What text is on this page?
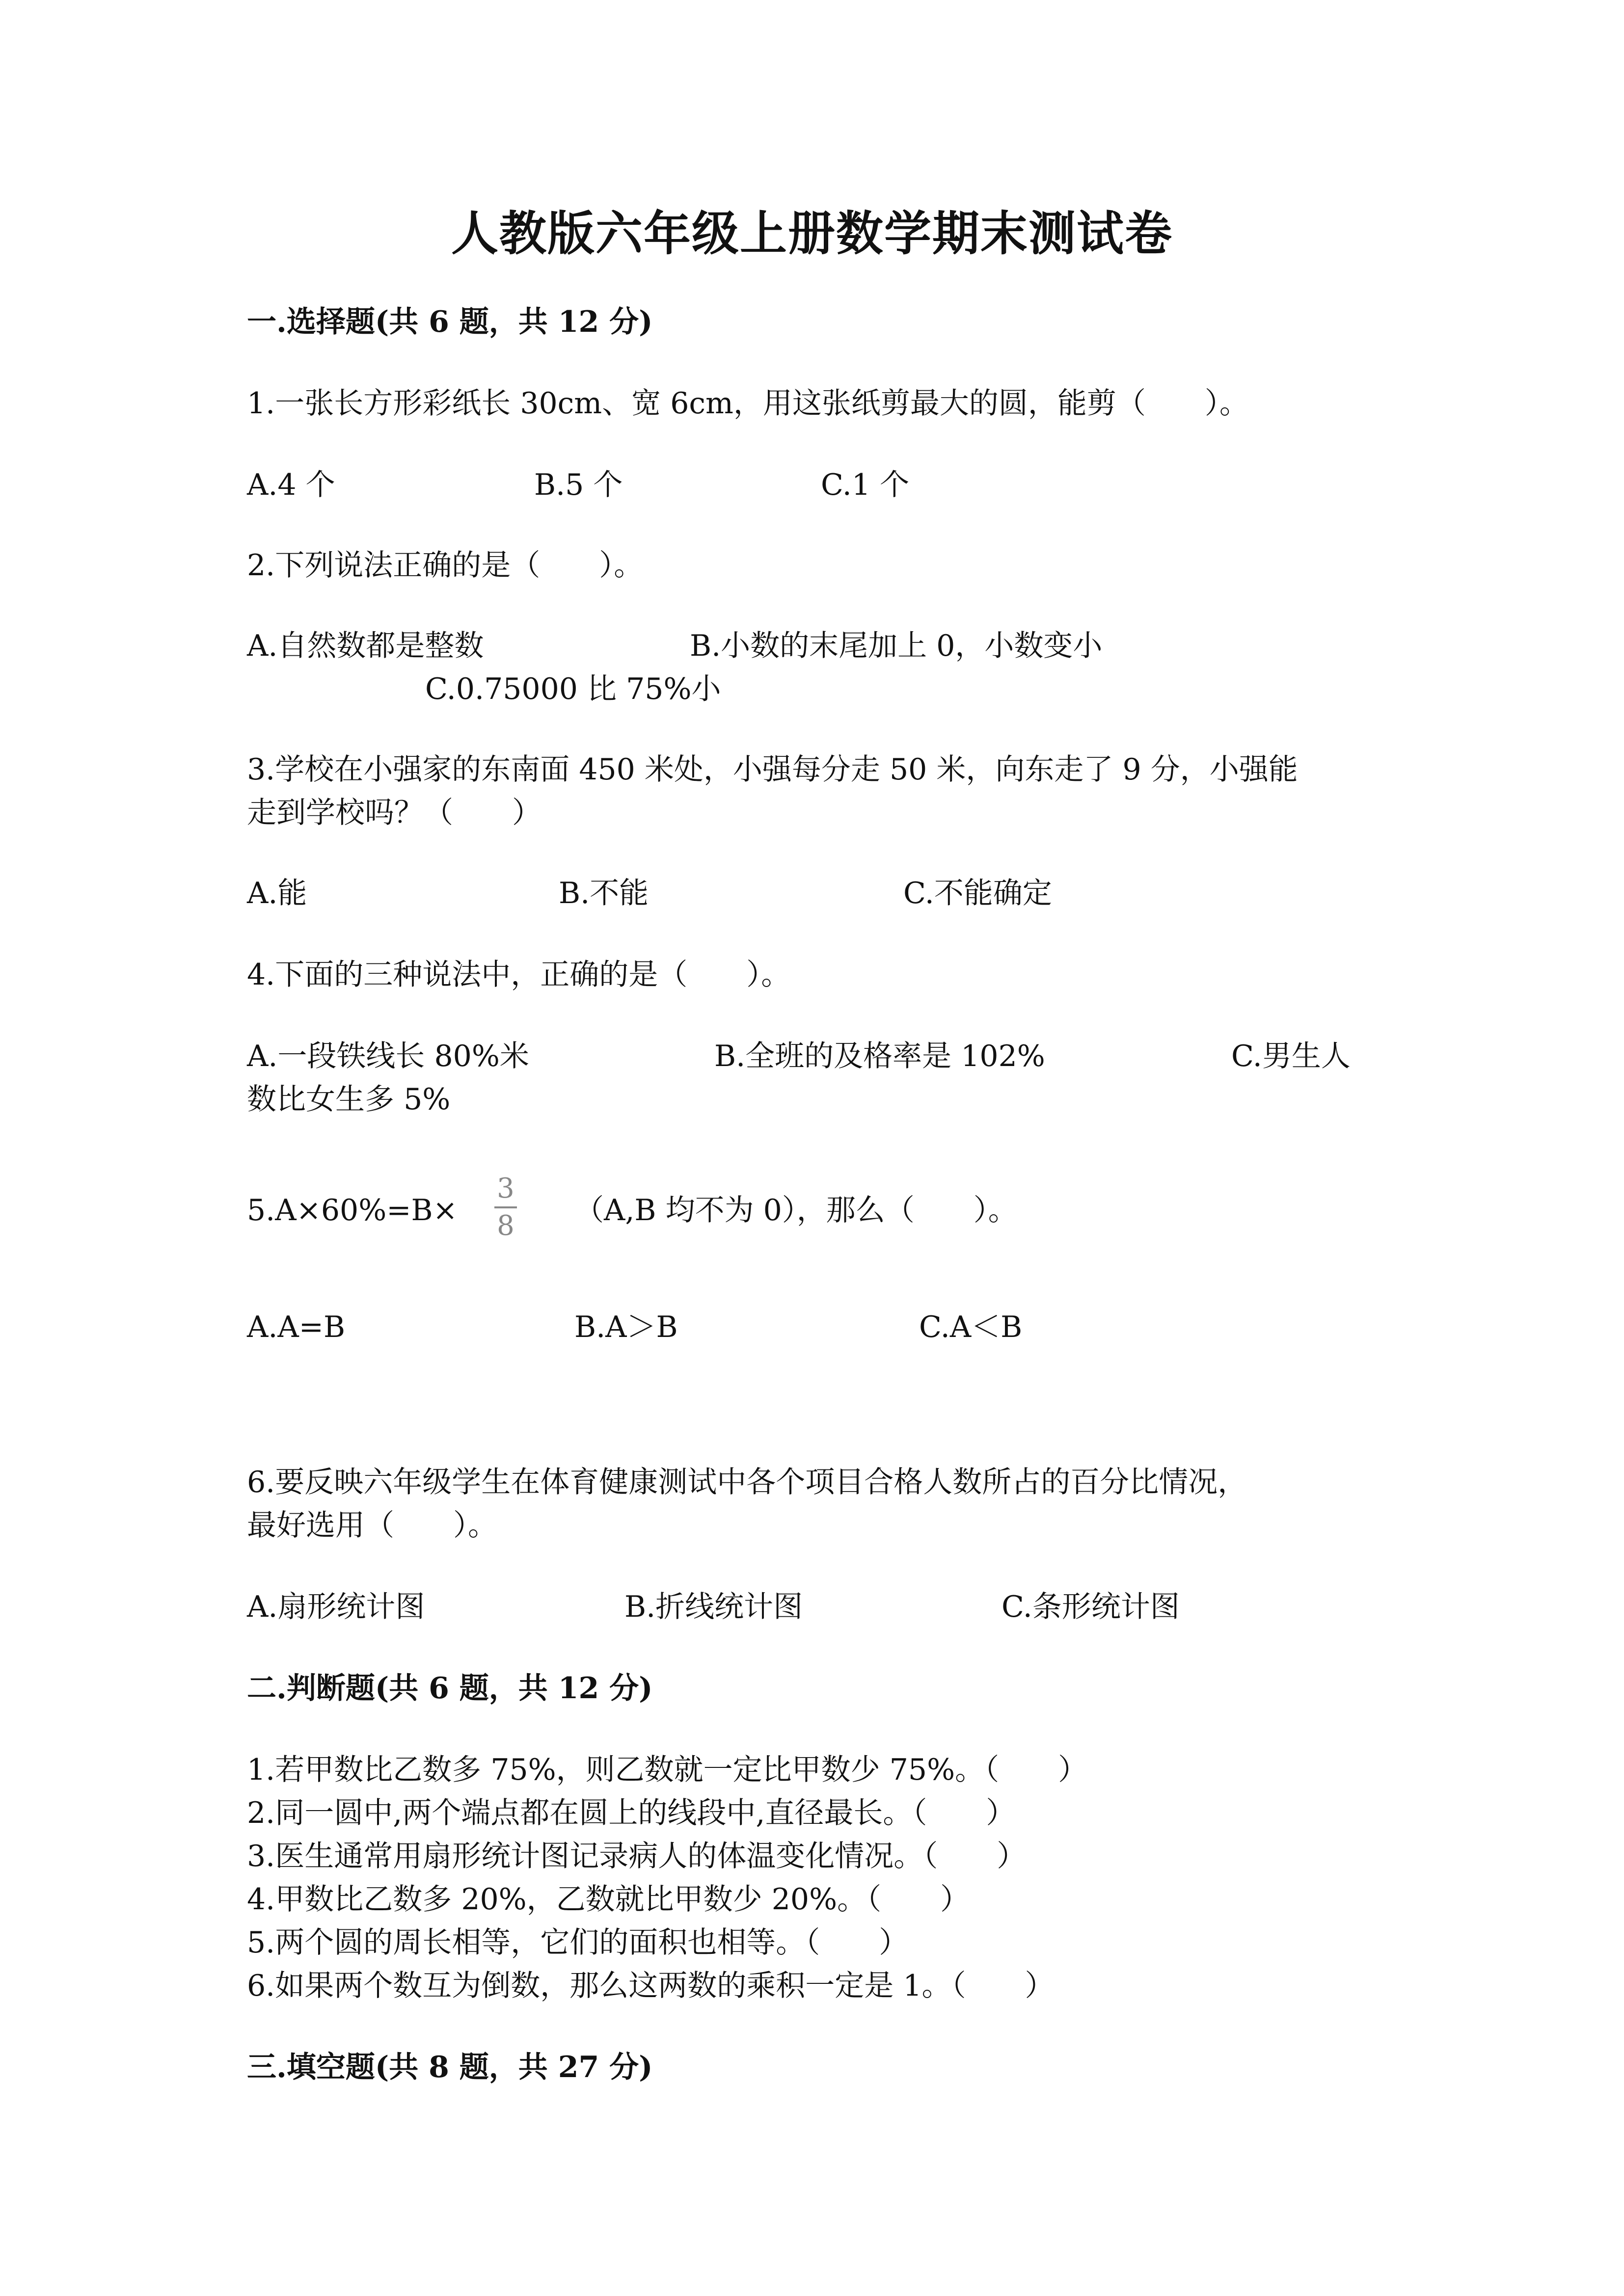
人教版六年级上册数学期末测试卷
一.选择题(共 6 题，共 12 分)
1.一张长方形彩纸长 30cm、宽 6cm，用这张纸剪最大的圆，能剪（　　）。
A.4 个	B.5 个	C.1 个
2.下列说法正确的是（　　）。
A.自然数都是整数	B.小数的末尾加上 0，小数变小
C.0.75000 比 75%小
3.学校在小强家的东南面 450 米处，小强每分走 50 米，向东走了 9 分，小强能
走到学校吗？（　　）
A.能	B.不能	C.不能确定
4.下面的三种说法中，正确的是（　　）。
A.一段铁线长 80%米	B.全班的及格率是 102%	C.男生人
数比女生多 5%
5.A×60%=B×
3
8 （A,B 均不为 0），那么（　　）。
A.A=B	B.A＞B	C.A＜B
6.要反映六年级学生在体育健康测试中各个项目合格人数所占的百分比情况，
最好选用（　　）。
A.扇形统计图	B.折线统计图	C.条形统计图
二.判断题(共 6 题，共 12 分)
1.若甲数比乙数多 75%，则乙数就一定比甲数少 75%。（　　）
2.同一圆中,两个端点都在圆上的线段中,直径最长。（　　）
3.医生通常用扇形统计图记录病人的体温变化情况。（　　）
4.甲数比乙数多 20%，乙数就比甲数少 20%。（　　）
5.两个圆的周长相等，它们的面积也相等。（　　）
6.如果两个数互为倒数，那么这两数的乘积一定是 1。（　　）
三.填空题(共 8 题，共 27 分)
